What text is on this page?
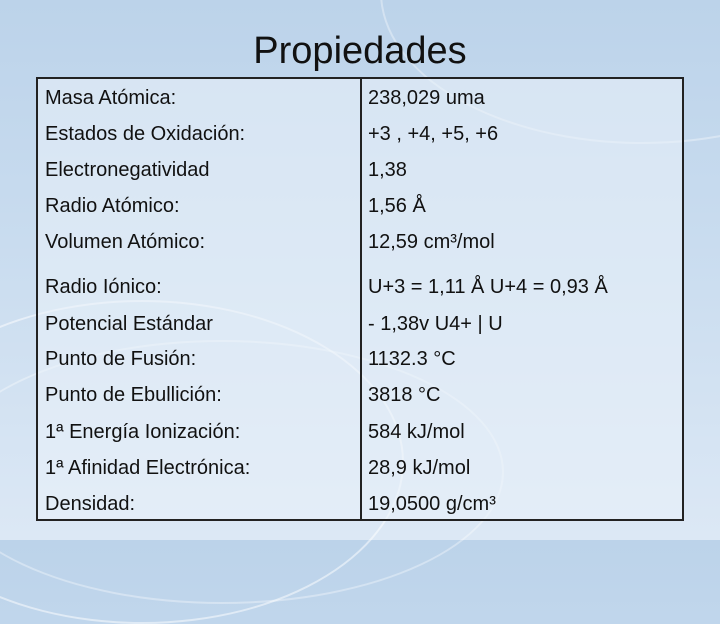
Propiedades
Masa Atómica:	238,029 uma
Estados de Oxidación:	+3 , +4, +5, +6
Electronegatividad	1,38
Radio Atómico:	1,56 Å
Volumen Atómico:	12,59 cm³/mol
Radio Iónico:	U+3 = 1,11 Å U+4 = 0,93 Å
Potencial Estándar	- 1,38v U4+ | U
Punto de Fusión:	1132.3 °C
Punto de Ebullición:	3818 °C
1ª Energía Ionización:	584 kJ/mol
1ª Afinidad Electrónica:	28,9 kJ/mol
Densidad:	19,0500 g/cm³
